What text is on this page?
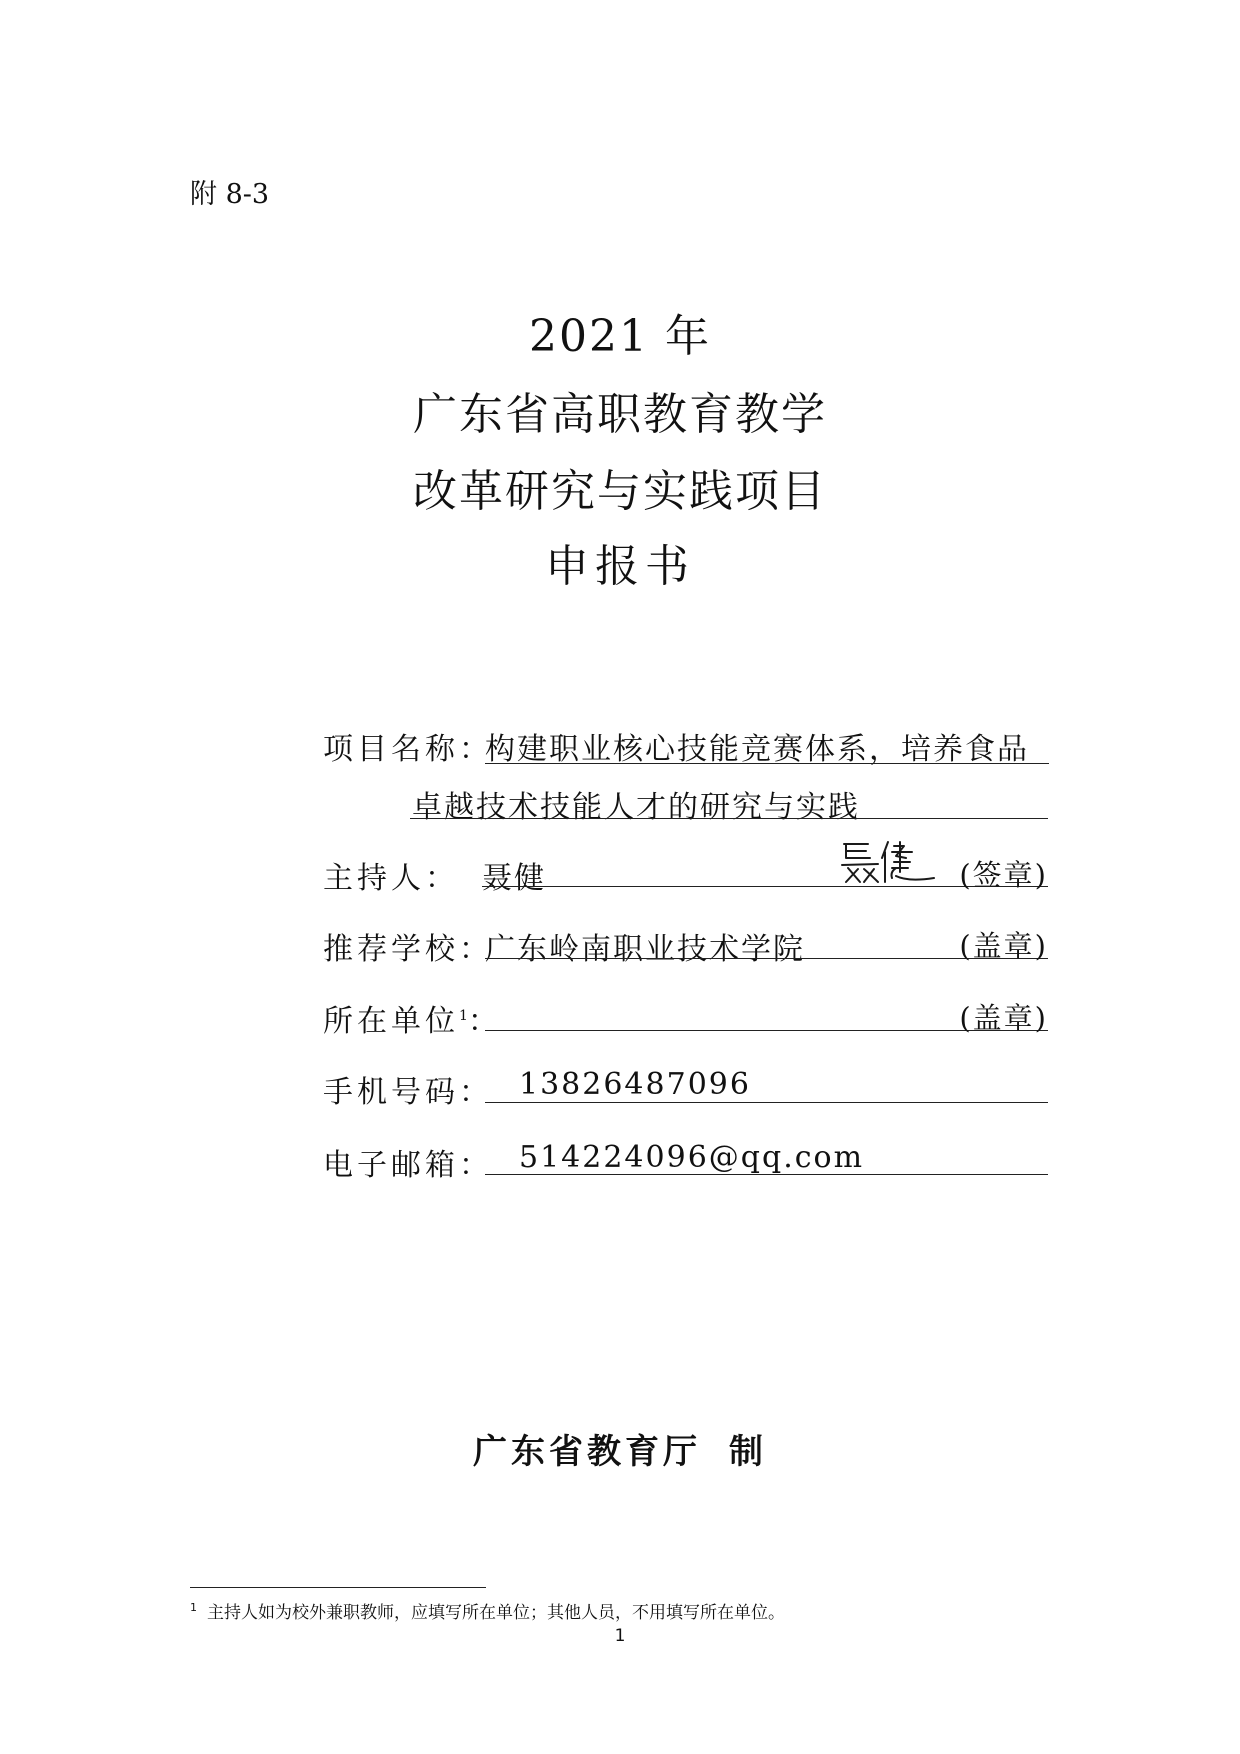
附 8-3
2021 年
广东省高职教育教学
改革研究与实践项目
申报书
项目名称：
构建职业核心技能竞赛体系，培养食品
卓越技术技能人才的研究与实践
主持人： 聂健	(签章)
推荐学校：
广东岭南职业技术学院	(盖章)
所在单位$^1$：	(盖章)
手机号码： 13826487096
电子邮箱： 514224096@qq.com
广东省教育厅 制
$^1$ 主持人如为校外兼职教师，应填写所在单位；其他人员，不用填写所在单位。
1
